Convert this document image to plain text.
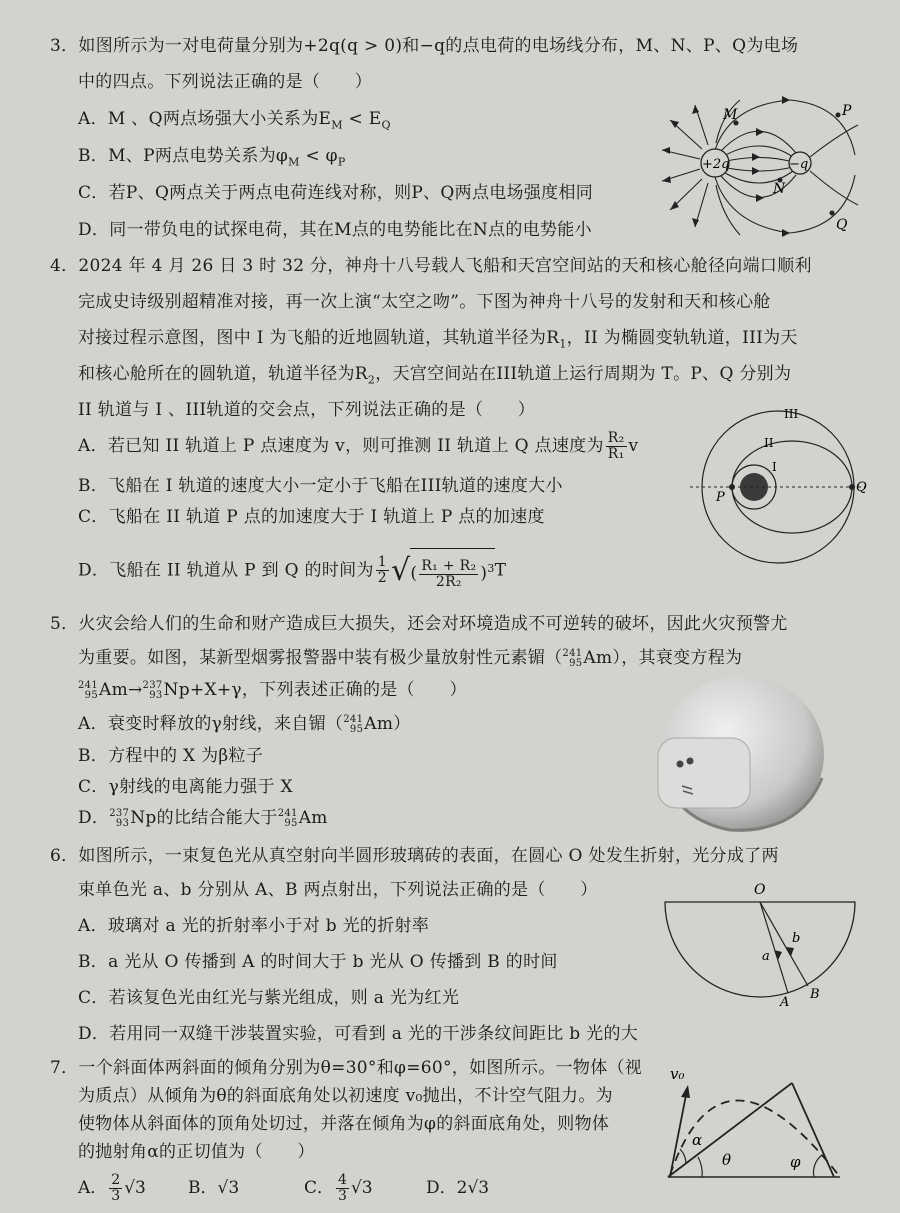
3．如图所示为一对电荷量分别为+2q(q > 0)和−q的点电荷的电场线分布，M、N、P、Q为电场
中的四点。下列说法正确的是（　　）
A．M 、Q两点场强大小关系为$E_M < E_Q$
B．M、P两点电势关系为$\varphi_M < \varphi_P$
C．若P、Q两点关于两点电荷连线对称，则P、Q两点电场强度相同
D．同一带负电的试探电荷，其在M点的电势能比在N点的电势能小
+2q	−q
M
N
P
Q
4．2024 年 4 月 26 日 3 时 32 分，神舟十八号载人飞船和天宫空间站的天和核心舱径向端口顺利
完成史诗级别超精准对接，再一次上演“太空之吻”。下图为神舟十八号的发射和天和核心舱
对接过程示意图，图中 I 为飞船的近地圆轨道，其轨道半径为$R_1$，II 为椭圆变轨轨道，III为天
和核心舱所在的圆轨道，轨道半径为$R_2$，天宫空间站在III轨道上运行周期为 T。P、Q 分别为
II 轨道与 I 、III轨道的交会点，下列说法正确的是（　　）
A．若已知 II 轨道上 P 点速度为 v，则可推测 II 轨道上 Q 点速度为 $\frac{\text{R₂}}{\text{R₁}}$ v
B．飞船在 I 轨道的速度大小一定小于飞船在III轨道的速度大小
C．飞船在 II 轨道 P 点的加速度大于 I 轨道上 P 点的加速度
D．飞船在 II 轨道从 P 到 Q 的时间为 $\frac{1}{2}$ √( $\frac{\text{R₁ + R₂}}{\text{2R₂}} )^3T$
P
Q
I
II
III
5．火灾会给人们的生命和财产造成巨大损失，还会对环境造成不可逆转的破坏，因此火灾预警尤
为重要。如图，某新型烟雾报警器中装有极少量放射性元素镅（ 241
95 Am），其衰变方程为
241
95 Am→ 237
93 Np+X+γ，下列表述正确的是（　　）
A．衰变时释放的γ射线，来自镅（ 241
95 Am）
B．方程中的 X 为β粒子
C．γ射线的电离能力强于 X
D． 237
93 Np的比结合能大于 241
95 Am
6．如图所示，一束复色光从真空射向半圆形玻璃砖的表面，在圆心 O 处发生折射，光分成了两
束单色光 a、b 分别从 A、B 两点射出，下列说法正确的是（　　）
A．玻璃对 a 光的折射率小于对 b 光的折射率
B．a 光从 O 传播到 A 的时间大于 b 光从 O 传播到 B 的时间
C．若该复色光由红光与紫光组成，则 a 光为红光
D．若用同一双缝干涉装置实验，可看到 a 光的干涉条纹间距比 b 光的大
O
a
b
A
B
7．一个斜面体两斜面的倾角分别为θ=30°和φ=60°，如图所示。一物体（视
为质点）从倾角为θ的斜面底角处以初速度 v₀抛出，不计空气阻力。为
使物体从斜面体的顶角处切过，并落在倾角为φ的斜面底角处，则物体
的抛射角α的正切值为（　　）
A． $\frac{2}{3} √3$ B．√3	C． $\frac{4}{3} √3$	D．2√3
v₀
α
θ	φ
